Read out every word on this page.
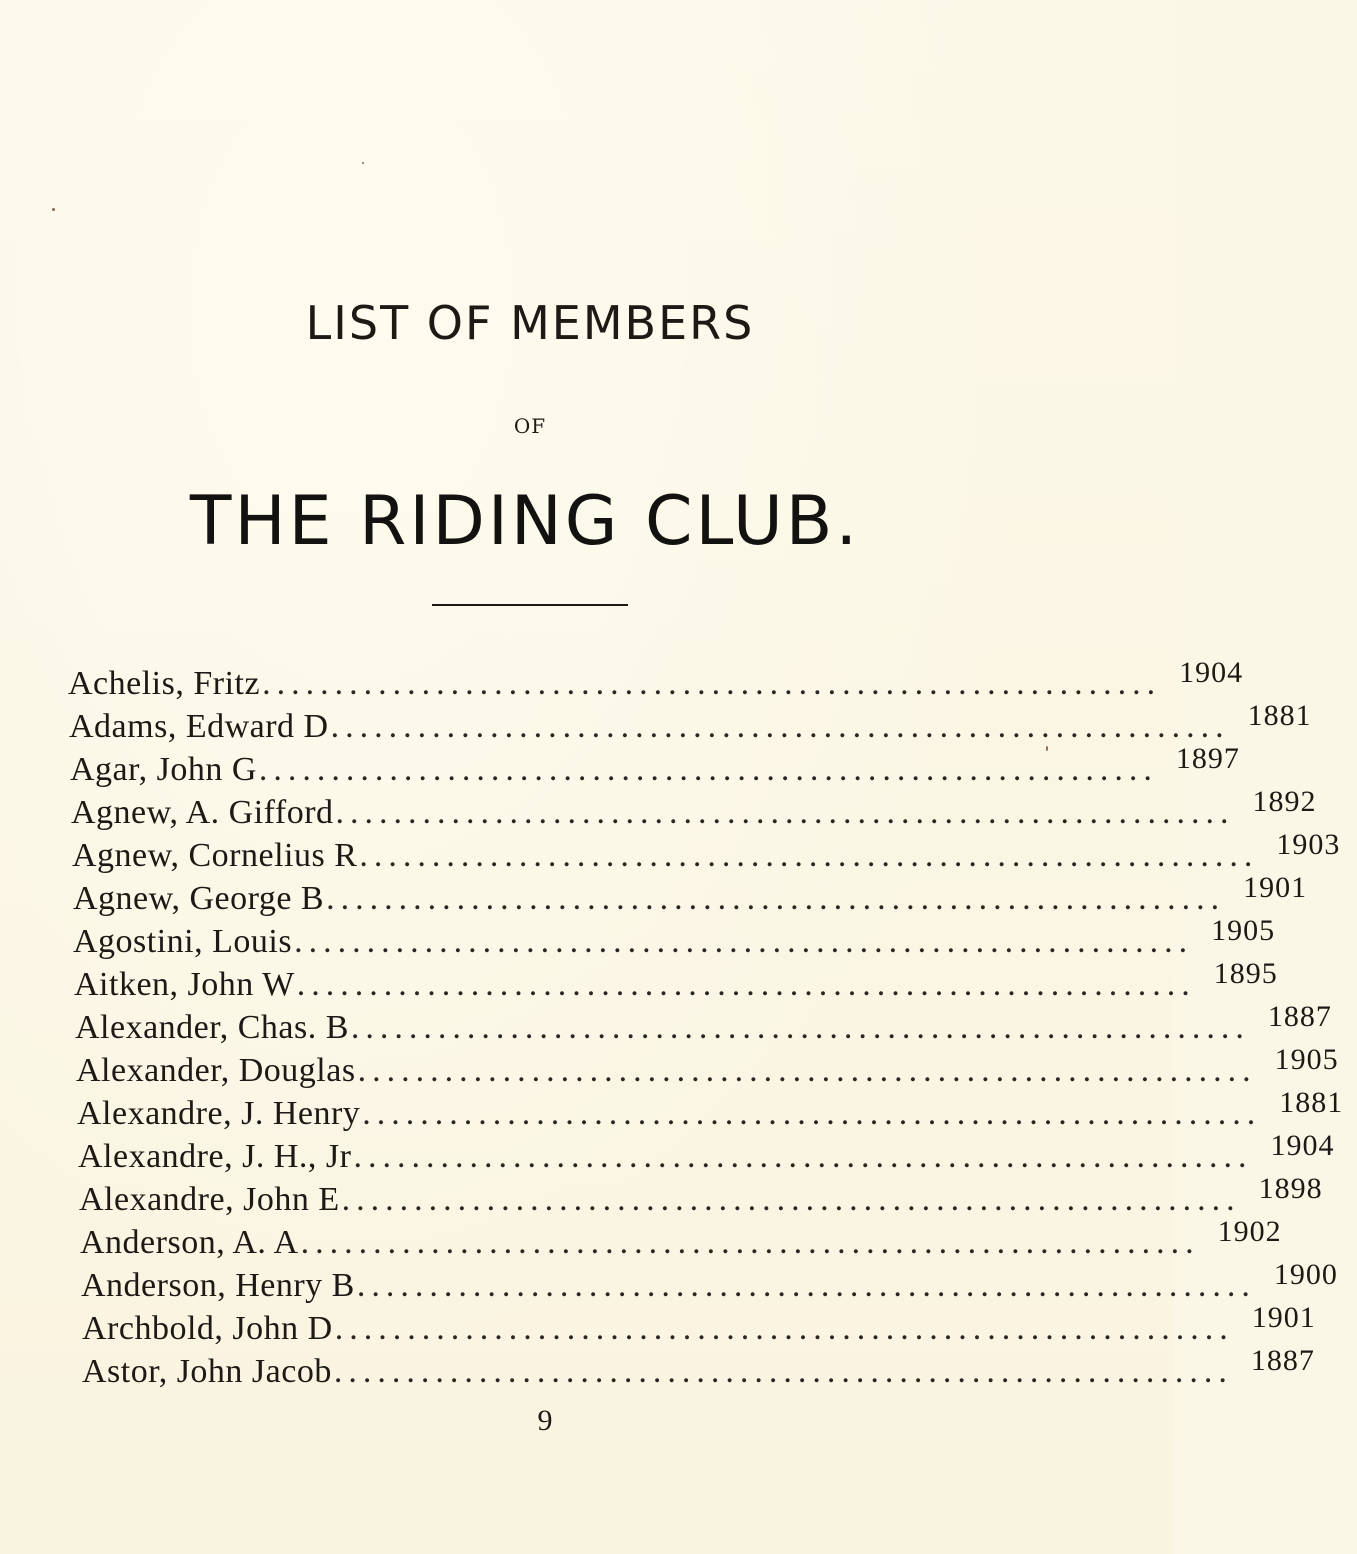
LIST OF MEMBERS
OF
THE RIDING CLUB.
Achelis, Fritz .............................................................. 1904
Adams, Edward D .............................................................. 1881
Agar, John G .............................................................. 1897
Agnew, A. Gifford .............................................................. 1892
Agnew, Cornelius R .............................................................. 1903
Agnew, George B .............................................................. 1901
Agostini, Louis .............................................................. 1905
Aitken, John W .............................................................. 1895
Alexander, Chas. B .............................................................. 1887
Alexander, Douglas .............................................................. 1905
Alexandre, J. Henry .............................................................. 1881
Alexandre, J. H., Jr .............................................................. 1904
Alexandre, John E .............................................................. 1898
Anderson, A. A .............................................................. 1902
Anderson, Henry B .............................................................. 1900
Archbold, John D .............................................................. 1901
Astor, John Jacob .............................................................. 1887
9
